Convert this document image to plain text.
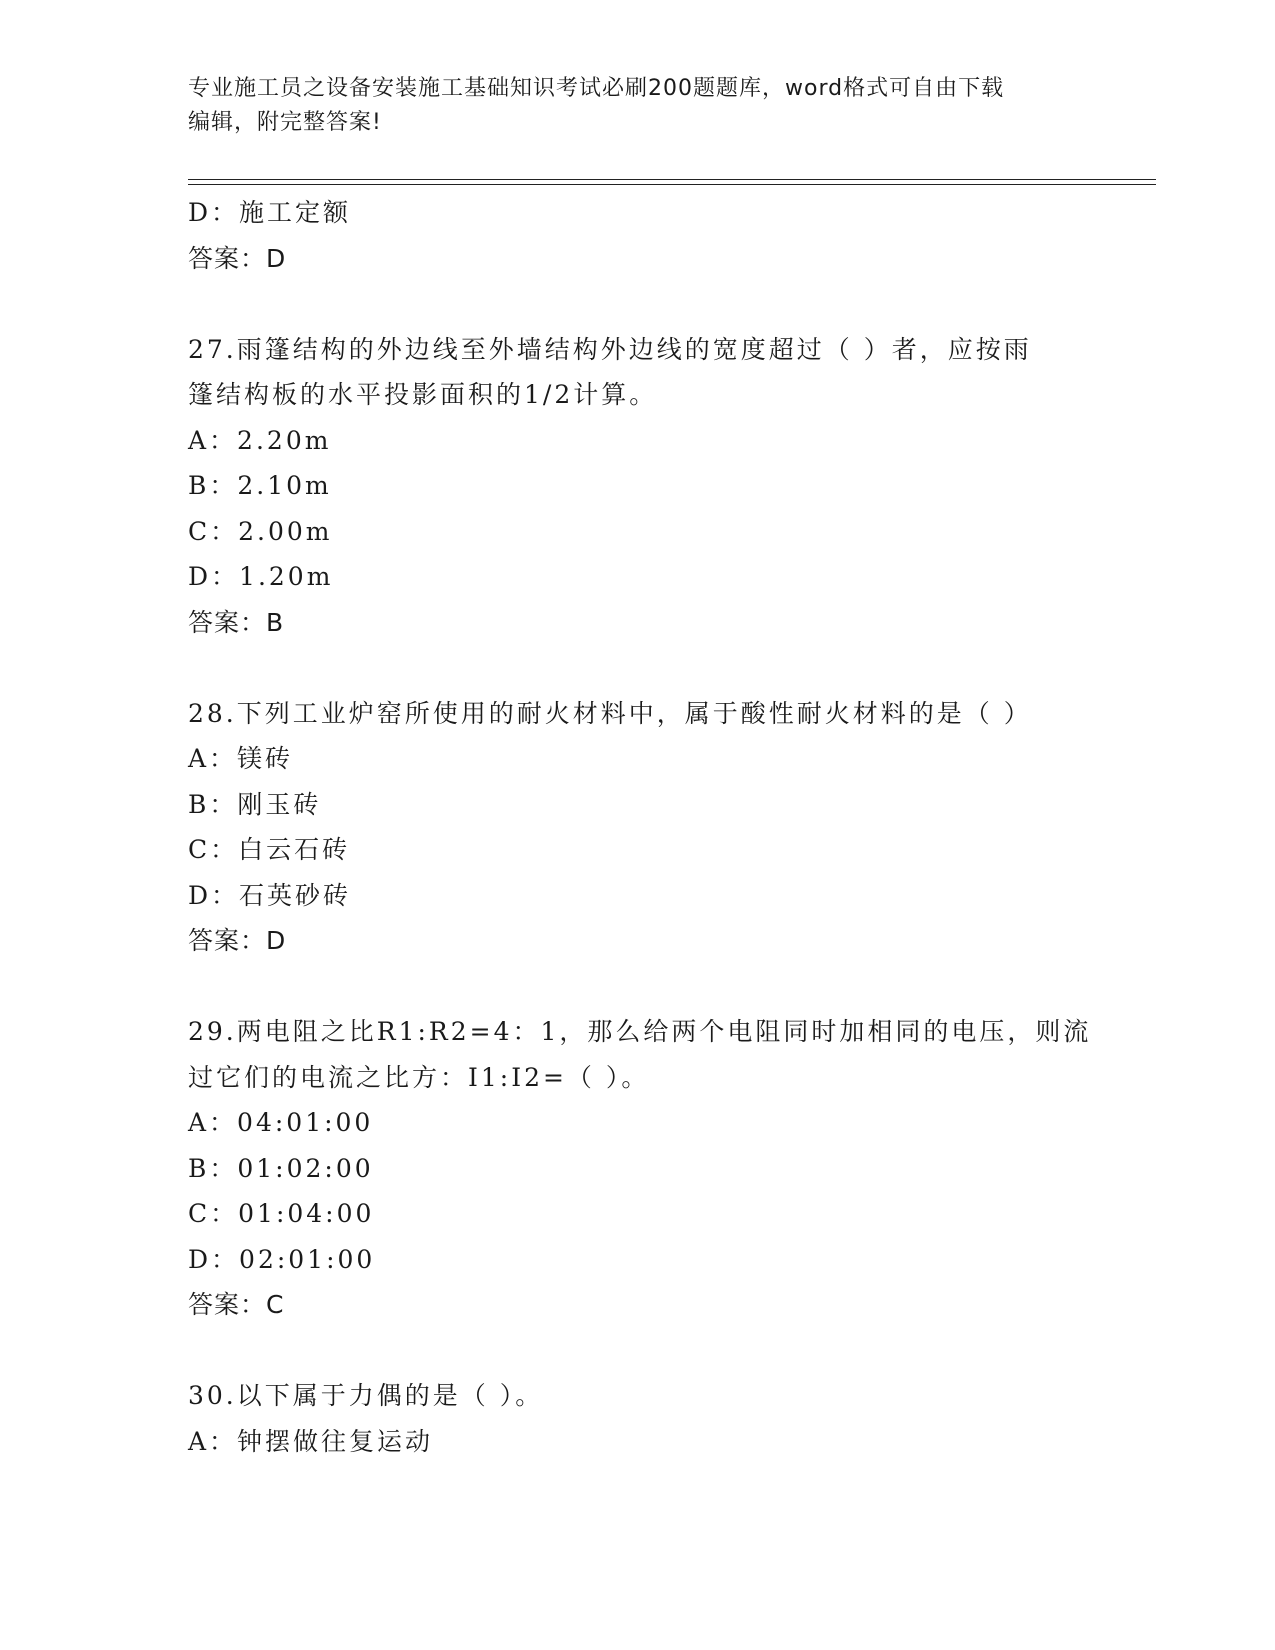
专业施工员之设备安装施工基础知识考试必刷200题题库，word格式可自由下载
编辑，附完整答案!
D：施工定额
答案：D
27.雨篷结构的外边线至外墙结构外边线的宽度超过（ ）者，应按雨
篷结构板的水平投影面积的1/2计算。
A：2.20m
B：2.10m
C：2.00m
D：1.20m
答案：B
28.下列工业炉窑所使用的耐火材料中，属于酸性耐火材料的是（ ）
A：镁砖
B：刚玉砖
C：白云石砖
D：石英砂砖
答案：D
29.两电阻之比R1:R2=4：1，那么给两个电阻同时加相同的电压，则流
过它们的电流之比方：I1:I2=（ ）。
A：04:01:00
B：01:02:00
C：01:04:00
D：02:01:00
答案：C
30.以下属于力偶的是（ ）。
A：钟摆做往复运动
